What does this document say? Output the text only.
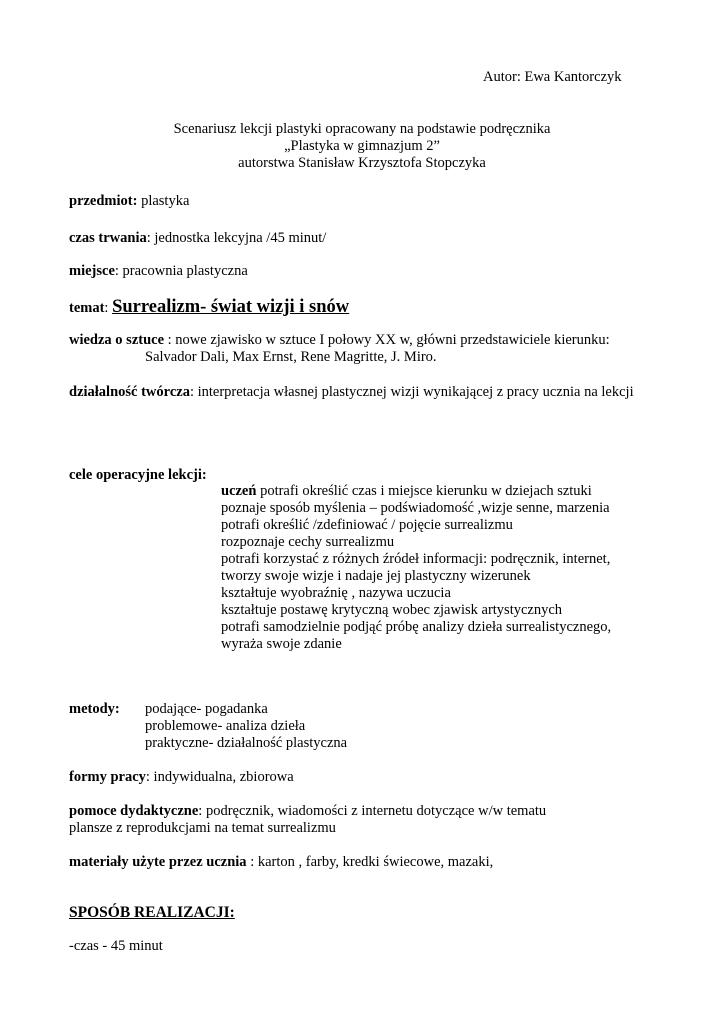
Autor: Ewa Kantorczyk
Scenariusz lekcji plastyki opracowany na podstawie podręcznika
„Plastyka w gimnazjum 2”
autorstwa Stanisław Krzysztofa Stopczyka
przedmiot: plastyka
czas trwania: jednostka lekcyjna /45 minut/
miejsce: pracownia plastyczna
temat: Surrealizm- świat wizji i snów
wiedza o sztuce : nowe zjawisko w sztuce I połowy XX w, główni przedstawiciele kierunku:
Salvador Dali, Max Ernst, Rene Magritte, J. Miro.
działalność twórcza: interpretacja własnej plastycznej wizji wynikającej z pracy ucznia na lekcji
cele operacyjne lekcji:
uczeń potrafi określić czas i miejsce kierunku w dziejach sztuki
poznaje sposób myślenia – podświadomość ,wizje senne, marzenia
potrafi określić /zdefiniować / pojęcie surrealizmu
rozpoznaje cechy surrealizmu
potrafi korzystać z różnych źródeł informacji: podręcznik, internet,
tworzy swoje wizje i nadaje jej plastyczny wizerunek
kształtuje wyobraźnię , nazywa uczucia
kształtuje postawę krytyczną wobec zjawisk artystycznych
potrafi samodzielnie podjąć próbę analizy dzieła surrealistycznego,
wyraża swoje zdanie
metody: podające- pogadanka
problemowe- analiza dzieła
praktyczne- działalność plastyczna
formy pracy: indywidualna, zbiorowa
pomoce dydaktyczne: podręcznik, wiadomości z internetu dotyczące w/w tematu
plansze z reprodukcjami na temat surrealizmu
materiały użyte przez ucznia : karton , farby, kredki świecowe, mazaki,
SPOSÓB REALIZACJI:
-czas - 45 minut
